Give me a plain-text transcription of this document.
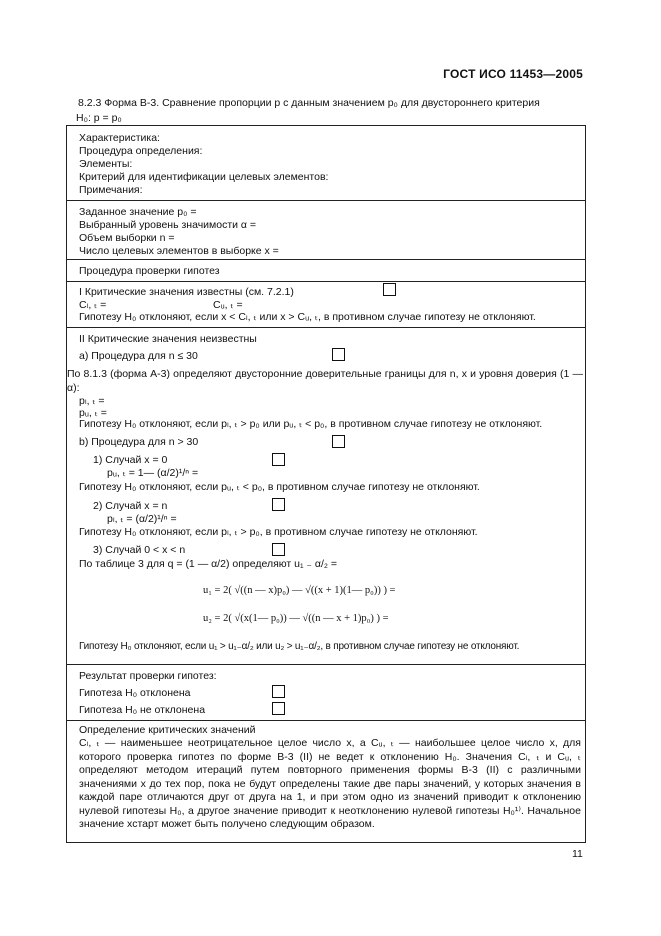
ГОСТ ИСО 11453—2005
8.2.3 Форма В-3. Сравнение пропорции p с данным значением p₀ для двустороннего критерия
H₀: p = p₀
Характеристика:
Процедура определения:
Элементы:
Критерий для идентификации целевых элементов:
Примечания:
Заданное значение p₀ =
Выбранный уровень значимости α =
Объем выборки n =
Число целевых элементов в выборке x =
Процедура проверки гипотез
I Критические значения известны (см. 7.2.1)
Cₗ, ₜ =	Cᵤ, ₜ =
Гипотезу H₀ отклоняют, если x < Cₗ, ₜ или x > Cᵤ, ₜ, в противном случае гипотезу не отклоняют.
II Критические значения неизвестны
a) Процедура для n ≤ 30
По 8.1.3 (форма А-3) определяют двусторонние доверительные границы для n, x и уровня доверия (1 — α):
pₗ, ₜ =
pᵤ, ₜ =
Гипотезу H₀ отклоняют, если pₗ, ₜ > p₀ или pᵤ, ₜ < p₀, в противном случае гипотезу не отклоняют.
b) Процедура для n > 30
1) Случай x = 0
pᵤ, ₜ = 1— (α/2)¹/ⁿ =
Гипотезу H₀ отклоняют, если pᵤ, ₜ < p₀, в противном случае гипотезу не отклоняют.
2) Случай x = n
pₗ, ₜ = (α/2)¹/ⁿ =
Гипотезу H₀ отклоняют, если pₗ, ₜ > p₀, в противном случае гипотезу не отклоняют.
3) Случай 0 < x < n
По таблице 3 для q = (1 — α/2) определяют u₁ ₋ α/₂ =
u₁ = 2( √((n — x)p₀) — √((x + 1)(1— p₀)) ) =
u₂ = 2( √(x(1— p₀)) — √((n — x + 1)p₀) ) =
Гипотезу H₀ отклоняют, если u₁ > u₁₋α/₂ или u₂ > u₁₋α/₂, в противном случае гипотезу не отклоняют.
Результат проверки гипотез:
Гипотеза H₀ отклонена
Гипотеза H₀ не отклонена
Определение критических значений
Cₗ, ₜ — наименьшее неотрицательное целое число x, а Cᵤ, ₜ — наибольшее целое число x, для которого проверка гипотез по форме В-3 (II) не ведет к отклонению H₀. Значения Cₗ, ₜ и Cᵤ, ₜ определяют методом итераций путем повторного применения формы В-3 (II) с различными значениями x до тех пор, пока не будут определены такие две пары значений, у которых значения в каждой паре отличаются друг от друга на 1, и при этом одно из значений приводит к отклонению нулевой гипотезы H₀, а другое значение приводит к неотклонению нулевой гипотезы H₀¹⁾. Начальное значение xстарт может быть получено следующим образом.
11
